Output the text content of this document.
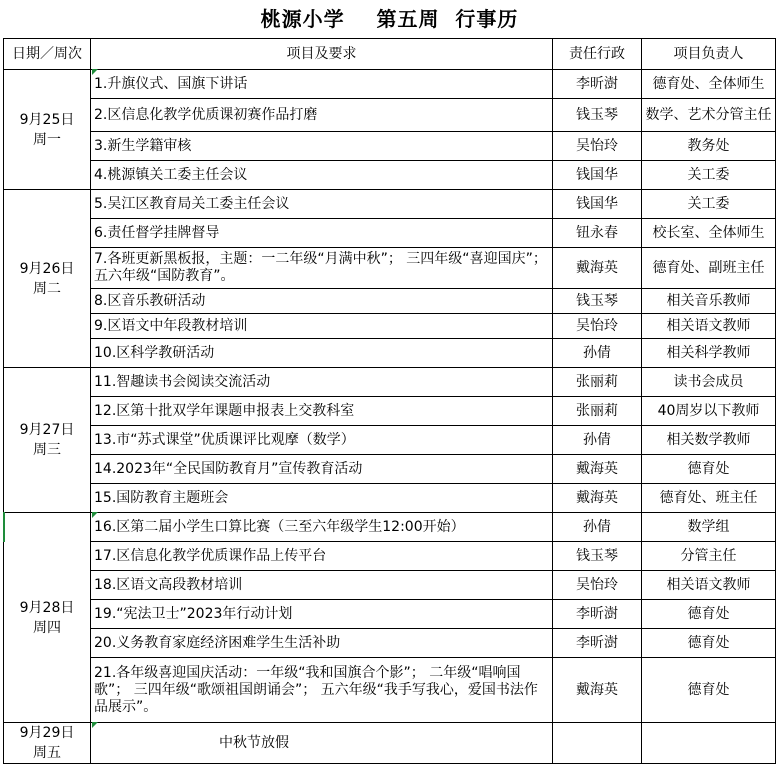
桃源小学    第五周  行事历
日期／周次	项目及要求	责任行政	项目负责人

9月25日
周一	1.升旗仪式、国旗下讲话	李昕澍	德育处、全体师生
	2.区信息化教学优质课初赛作品打磨	钱玉琴	数学、艺术分管主任
	3.新生学籍审核	吴怡玲	教务处
	4.桃源镇关工委主任会议	钱国华	关工委

9月26日
周二	5.吴江区教育局关工委主任会议	钱国华	关工委
	6.责任督学挂牌督导	钮永春	校长室、全体师生
	7.各班更新黑板报，主题：一二年级“月满中秋”； 三四年级“喜迎国庆”；五六年级“国防教育”。	戴海英	德育处、副班主任
	8.区音乐教研活动	钱玉琴	相关音乐教师
	9.区语文中年段教材培训	吴怡玲	相关语文教师
	10.区科学教研活动	孙倩	相关科学教师

9月27日
周三	11.智趣读书会阅读交流活动	张丽莉	读书会成员
	12.区第十批双学年课题申报表上交教科室	张丽莉	40周岁以下教师
	13.市“苏式课堂”优质课评比观摩（数学）	孙倩	相关数学教师
	14.2023年“全民国防教育月”宣传教育活动	戴海英	德育处
	15.国防教育主题班会	戴海英	德育处、班主任

9月28日
周四	16.区第二届小学生口算比赛（三至六年级学生12:00开始）	孙倩	数学组
	17.区信息化教学优质课作品上传平台	钱玉琴	分管主任
	18.区语文高段教材培训	吴怡玲	相关语文教师
	19.“宪法卫士”2023年行动计划	李昕澍	德育处
	20.义务教育家庭经济困难学生生活补助	李昕澍	德育处
	21.各年级喜迎国庆活动：一年级“我和国旗合个影”； 二年级“唱响国歌”； 三四年级“歌颂祖国朗诵会”； 五六年级“我手写我心，爱国书法作品展示”。	戴海英	德育处

9月29日
周五	中秋节放假		
